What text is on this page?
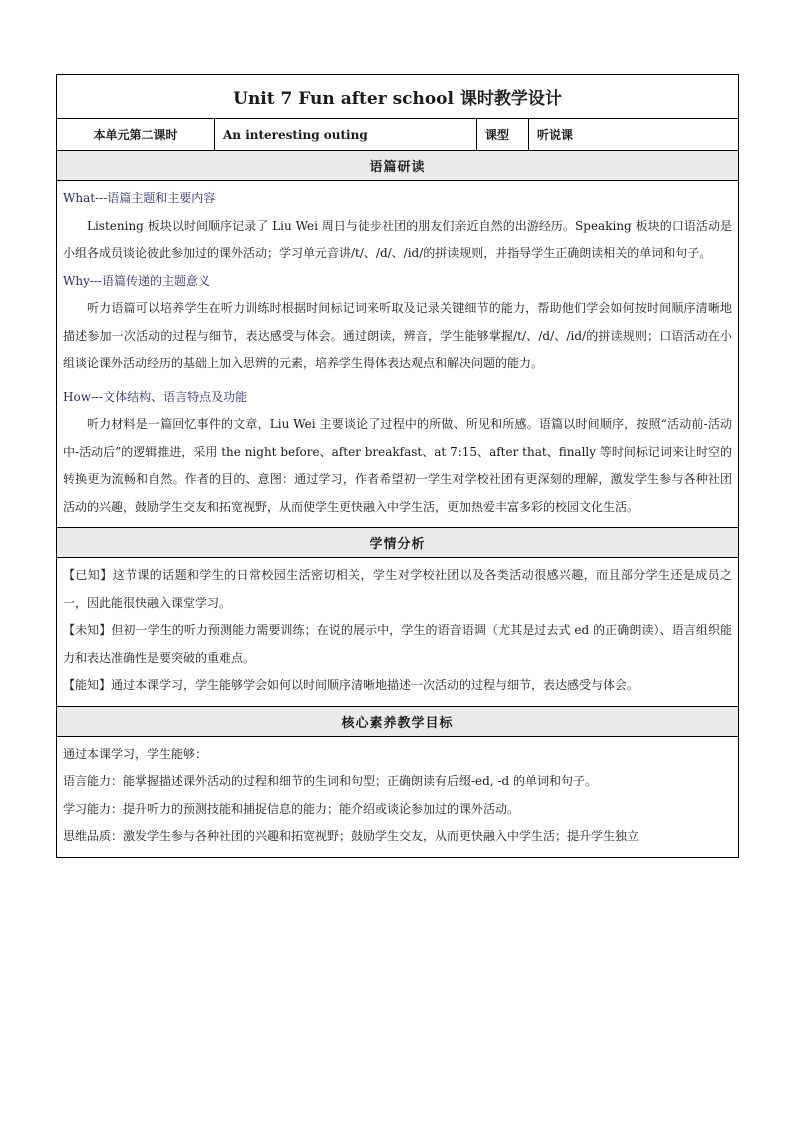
Unit 7 Fun after school 课时教学设计
本单元第二课时	An interesting outing	课型	听说课
语篇研读

What---语篇主题和主要内容

Listening 板块以时间顺序记录了 Liu Wei 周日与徒步社团的朋友们亲近自然的出游经历。Speaking 板块的口语活动是小组各成员谈论彼此参加过的课外活动；学习单元音讲/t/、/d/、/id/的拼读规则，并指导学生正确朗读相关的单词和句子。

Why---语篇传递的主题意义

听力语篇可以培养学生在听力训练时根据时间标记词来听取及记录关键细节的能力，帮助他们学会如何按时间顺序清晰地描述参加一次活动的过程与细节，表达感受与体会。通过朗读，辨音，学生能够掌握/t/、/d/、/id/的拼读规则；口语活动在小组谈论课外活动经历的基础上加入思辨的元素，培养学生得体表达观点和解决问题的能力。

How---文体结构、语言特点及功能

听力材料是一篇回忆事件的文章，Liu Wei 主要谈论了过程中的所做、所见和所感。语篇以时间顺序，按照“活动前-活动中-活动后”的逻辑推进，采用 the night before、after breakfast、at 7:15、after that、finally 等时间标记词来让时空的转换更为流畅和自然。作者的目的、意图：通过学习，作者希望初一学生对学校社团有更深刻的理解，激发学生参与各种社团活动的兴趣，鼓励学生交友和拓宽视野，从而使学生更快融入中学生活，更加热爱丰富多彩的校园文化生活。

学情分析

【已知】这节课的话题和学生的日常校园生活密切相关，学生对学校社团以及各类活动很感兴趣，而且部分学生还是成员之一，因此能很快融入课堂学习。

【未知】但初一学生的听力预测能力需要训练；在说的展示中，学生的语音语调（尤其是过去式 ed 的正确朗读）、语言组织能力和表达准确性是要突破的重难点。

【能知】通过本课学习，学生能够学会如何以时间顺序清晰地描述一次活动的过程与细节，表达感受与体会。

核心素养教学目标

通过本课学习，学生能够：

语言能力：能掌握描述课外活动的过程和细节的生词和句型；正确朗读有后缀-ed, -d 的单词和句子。

学习能力：提升听力的预测技能和捕捉信息的能力；能介绍或谈论参加过的课外活动。

思维品质：激发学生参与各种社团的兴趣和拓宽视野；鼓励学生交友，从而更快融入中学生活；提升学生独立
